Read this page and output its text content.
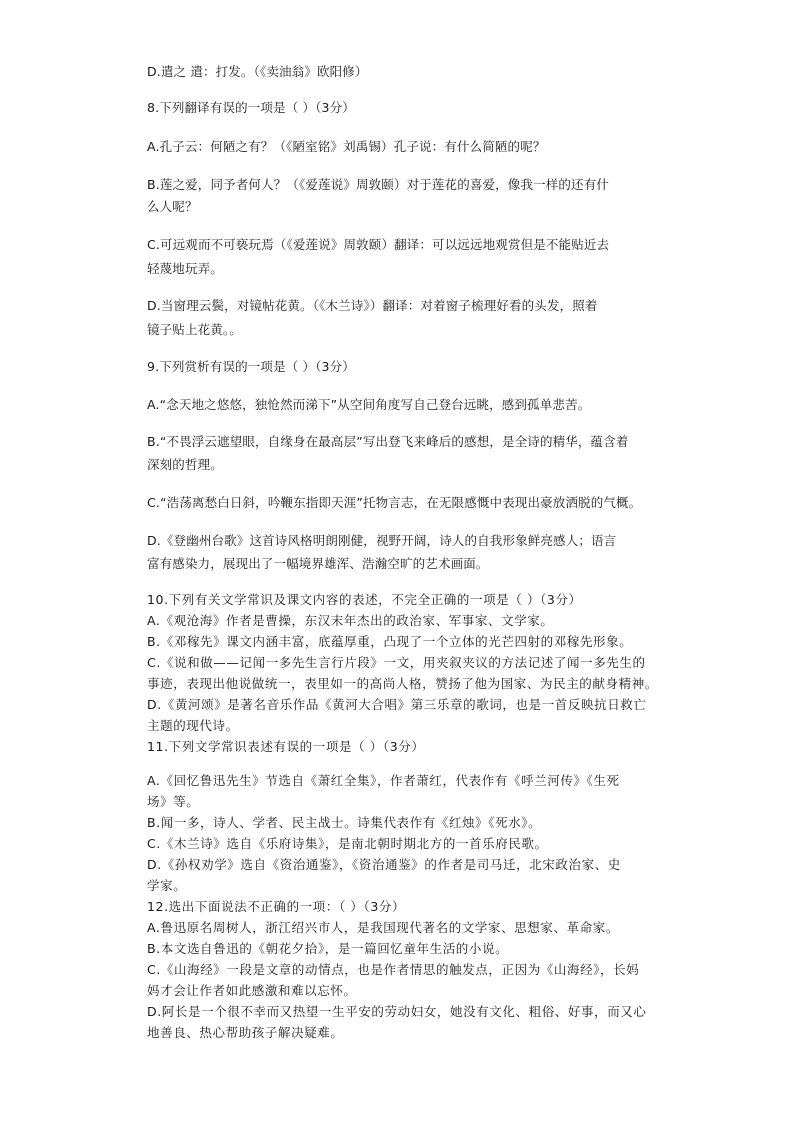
D.遣之 遣：打发。（《卖油翁》欧阳修）
8.下列翻译有误的一项是（ ）（3分）
A.孔子云：何陋之有？（《陋室铭》刘禹锡）孔子说：有什么简陋的呢？
B.莲之爱，同予者何人？（《爱莲说》周敦颐）对于莲花的喜爱，像我一样的还有什
么人呢？
C.可远观而不可亵玩焉（《爱莲说》周敦颐）翻译：可以远远地观赏但是不能贴近去
轻蔑地玩弄。
D.当窗理云鬓，对镜帖花黄。（《木兰诗》）翻译：对着窗子梳理好看的头发，照着
镜子贴上花黄。。
9.下列赏析有误的一项是（ ）（3分）
A.“念天地之悠悠，独怆然而涕下”从空间角度写自己登台远眺，感到孤单悲苦。
B.“不畏浮云遮望眼，自缘身在最高层”写出登飞来峰后的感想，是全诗的精华，蕴含着
深刻的哲理。
C.“浩荡离愁白日斜，吟鞭东指即天涯”托物言志，在无限感慨中表现出豪放洒脱的气概。
D.《登幽州台歌》这首诗风格明朗刚健，视野开阔，诗人的自我形象鲜亮感人；语言
富有感染力，展现出了一幅境界雄浑、浩瀚空旷的艺术画面。
10.下列有关文学常识及课文内容的表述，不完全正确的一项是（ ）（3分）
A.《观沧海》作者是曹操，东汉末年杰出的政治家、军事家、文学家。
B.《邓稼先》课文内涵丰富，底蕴厚重，凸现了一个立体的光芒四射的邓稼先形象。
C.《说和做——记闻一多先生言行片段》一文，用夹叙夹议的方法记述了闻一多先生的
事迹，表现出他说做统一，表里如一的高尚人格，赞扬了他为国家、为民主的献身精神。
D.《黄河颂》是著名音乐作品《黄河大合唱》第三乐章的歌词，也是一首反映抗日救亡
主题的现代诗。
11.下列文学常识表述有误的一项是（ ）（3分）
A.《回忆鲁迅先生》节选自《萧红全集》，作者萧红，代表作有《呼兰河传》《生死
场》等。
B.闻一多，诗人、学者、民主战士。诗集代表作有《红烛》《死水》。
C.《木兰诗》选自《乐府诗集》，是南北朝时期北方的一首乐府民歌。
D.《孙权劝学》选自《资治通鉴》，《资治通鉴》的作者是司马迁，北宋政治家、史
学家。
12.选出下面说法不正确的一项：（ ）（3分）
A.鲁迅原名周树人，浙江绍兴市人，是我国现代著名的文学家、思想家、革命家。
B.本文选自鲁迅的《朝花夕拾》，是一篇回忆童年生活的小说。
C.《山海经》一段是文章的动情点，也是作者情思的触发点，正因为《山海经》，长妈
妈才会让作者如此感激和难以忘怀。
D.阿长是一个很不幸而又热望一生平安的劳动妇女，她没有文化、粗俗、好事，而又心
地善良、热心帮助孩子解决疑难。
